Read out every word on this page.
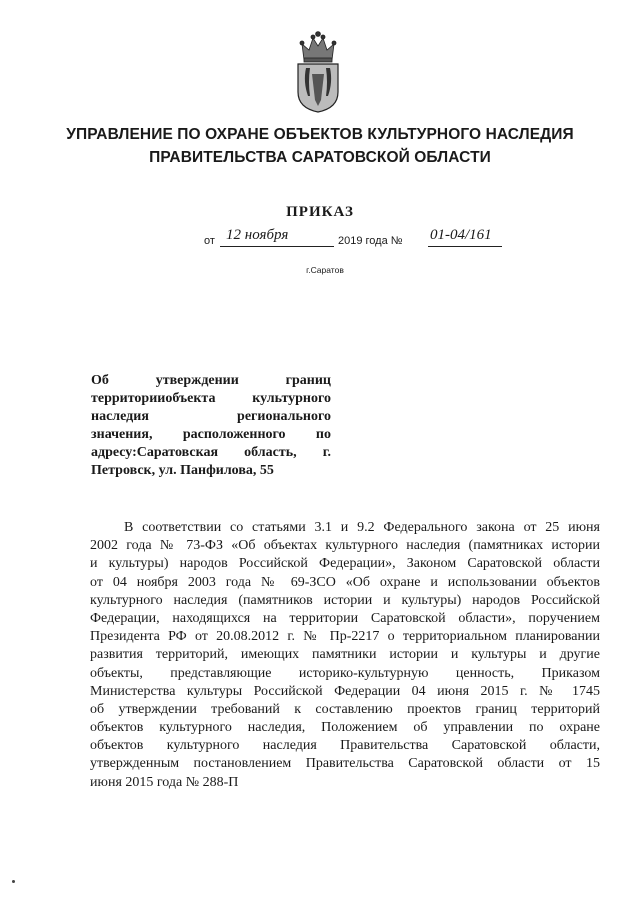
УПРАВЛЕНИЕ ПО ОХРАНЕ ОБЪЕКТОВ КУЛЬТУРНОГО НАСЛЕДИЯ
ПРАВИТЕЛЬСТВА САРАТОВСКОЙ ОБЛАСТИ
ПРИКАЗ
от 12 ноября	2019 года № 01-04/161
г.Саратов
Об утверждении границ
территорииобъекта культурного
наследия регионального
значения, расположенного по
адресу:Саратовская область, г.
Петровск, ул. Панфилова, 55
В соответствии со статьями 3.1 и 9.2 Федерального закона от 25 июня
2002 года № 73-ФЗ «Об объектах культурного наследия (памятниках истории
и культуры) народов Российской Федерации», Законом Саратовской области
от 04 ноября 2003 года № 69-ЗСО «Об охране и использовании объектов
культурного наследия (памятников истории и культуры) народов Российской
Федерации, находящихся на территории Саратовской области», поручением
Президента РФ от 20.08.2012 г. № Пр-2217 о территориальном планировании
развития территорий, имеющих памятники истории и культуры и другие
объекты, представляющие историко-культурную ценность, Приказом
Министерства культуры Российской Федерации 04 июня 2015 г. № 1745
об утверждении требований к составлению проектов границ территорий
объектов культурного наследия, Положением об управлении по охране
объектов культурного наследия Правительства Саратовской области,
утвержденным постановлением Правительства Саратовской области от 15
июня 2015 года № 288-П
